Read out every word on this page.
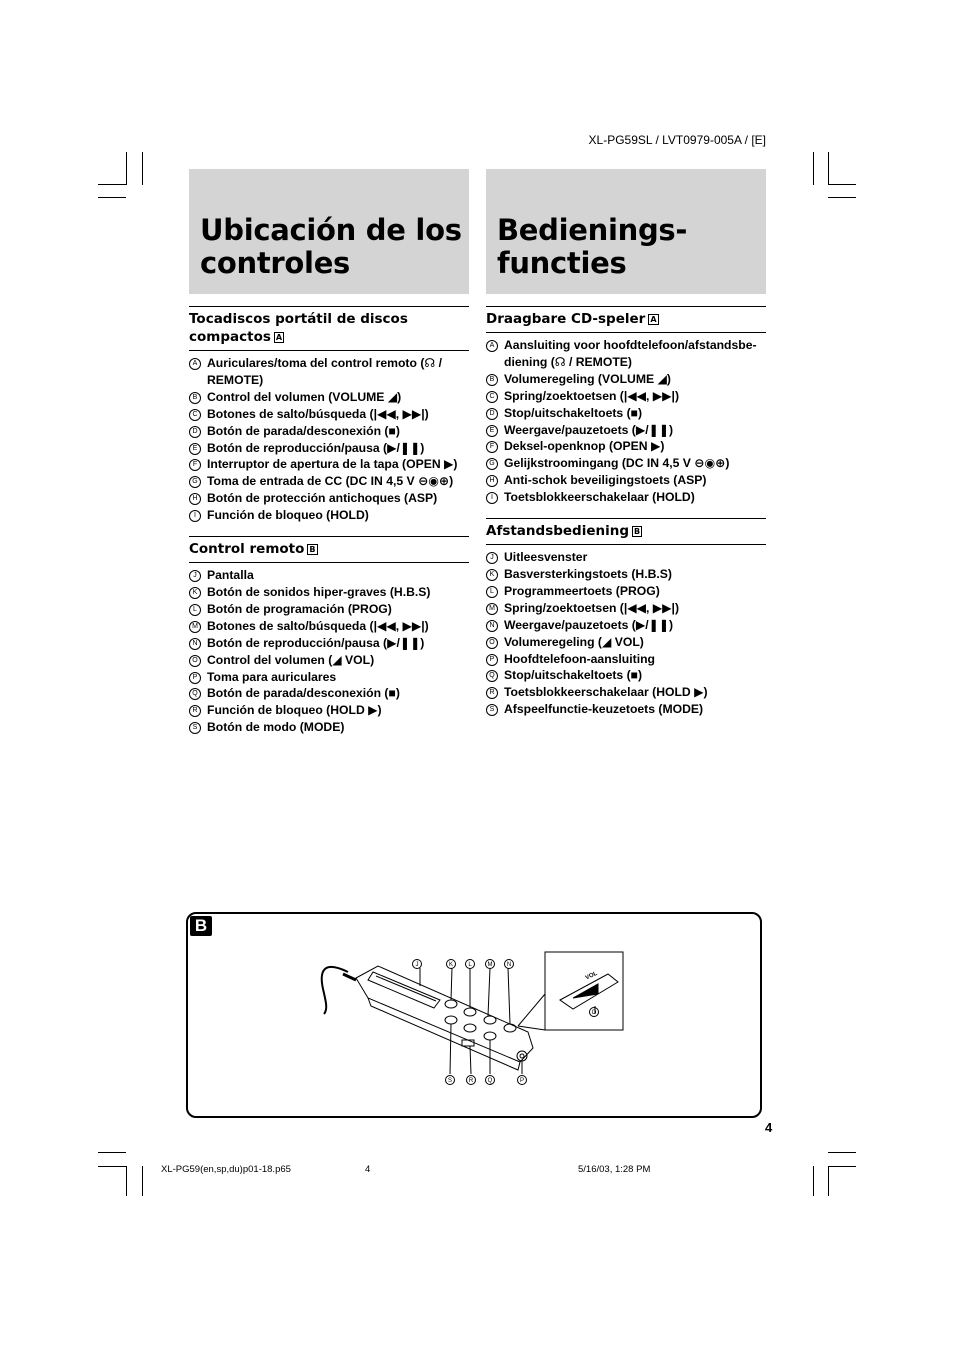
XL-PG59SL / LVT0979-005A / [E]
Ubicación de los
controles
Bedienings-
functies
Tocadiscos portátil de discos
compactos A
A Auriculares/toma del control remoto (☊ / REMOTE)
B Control del volumen (VOLUME ◢)
C Botones de salto/búsqueda (|◀◀, ▶▶|)
D Botón de parada/desconexión (■)
E Botón de reproducción/pausa (▶/❚❚)
F Interruptor de apertura de la tapa (OPEN ▶)
G Toma de entrada de CC (DC IN 4,5 V ⊖◉⊕)
H Botón de protección antichoques (ASP)
I Función de bloqueo (HOLD)
Control remoto B
J Pantalla
K Botón de sonidos hiper-graves (H.B.S)
L Botón de programación (PROG)
M Botones de salto/búsqueda (|◀◀, ▶▶|)
N Botón de reproducción/pausa (▶/❚❚)
O Control del volumen (◢ VOL)
P Toma para auriculares
Q Botón de parada/desconexión (■)
R Función de bloqueo (HOLD ▶)
S Botón de modo (MODE)
Draagbare CD-speler A
A Aansluiting voor hoofdtelefoon/afstandsbe- diening (☊ / REMOTE)
B Volumeregeling (VOLUME ◢)
C Spring/zoektoetsen (|◀◀, ▶▶|)
D Stop/uitschakeltoets (■)
E Weergave/pauzetoets (▶/❚❚)
F Deksel-openknop (OPEN ▶)
G Gelijkstroomingang (DC IN 4,5 V ⊖◉⊕)
H Anti-schok beveiligingstoets (ASP)
I Toetsblokkeerschakelaar (HOLD)
Afstandsbediening B
J Uitleesvenster
K Basversterkingstoets (H.B.S)
L Programmeertoets (PROG)
M Spring/zoektoetsen (|◀◀, ▶▶|)
N Weergave/pauzetoets (▶/❚❚)
O Volumeregeling (◢ VOL)
P Hoofdtelefoon-aansluiting
Q Stop/uitschakeltoets (■)
R Toetsblokkeerschakelaar (HOLD ▶)
S Afspeelfunctie-keuzetoets (MODE)
B
J	K	L	M N
S	R Q	P
O
VOL
4
XL-PG59(en,sp,du)p01-18.p65	4	5/16/03, 1:28 PM
